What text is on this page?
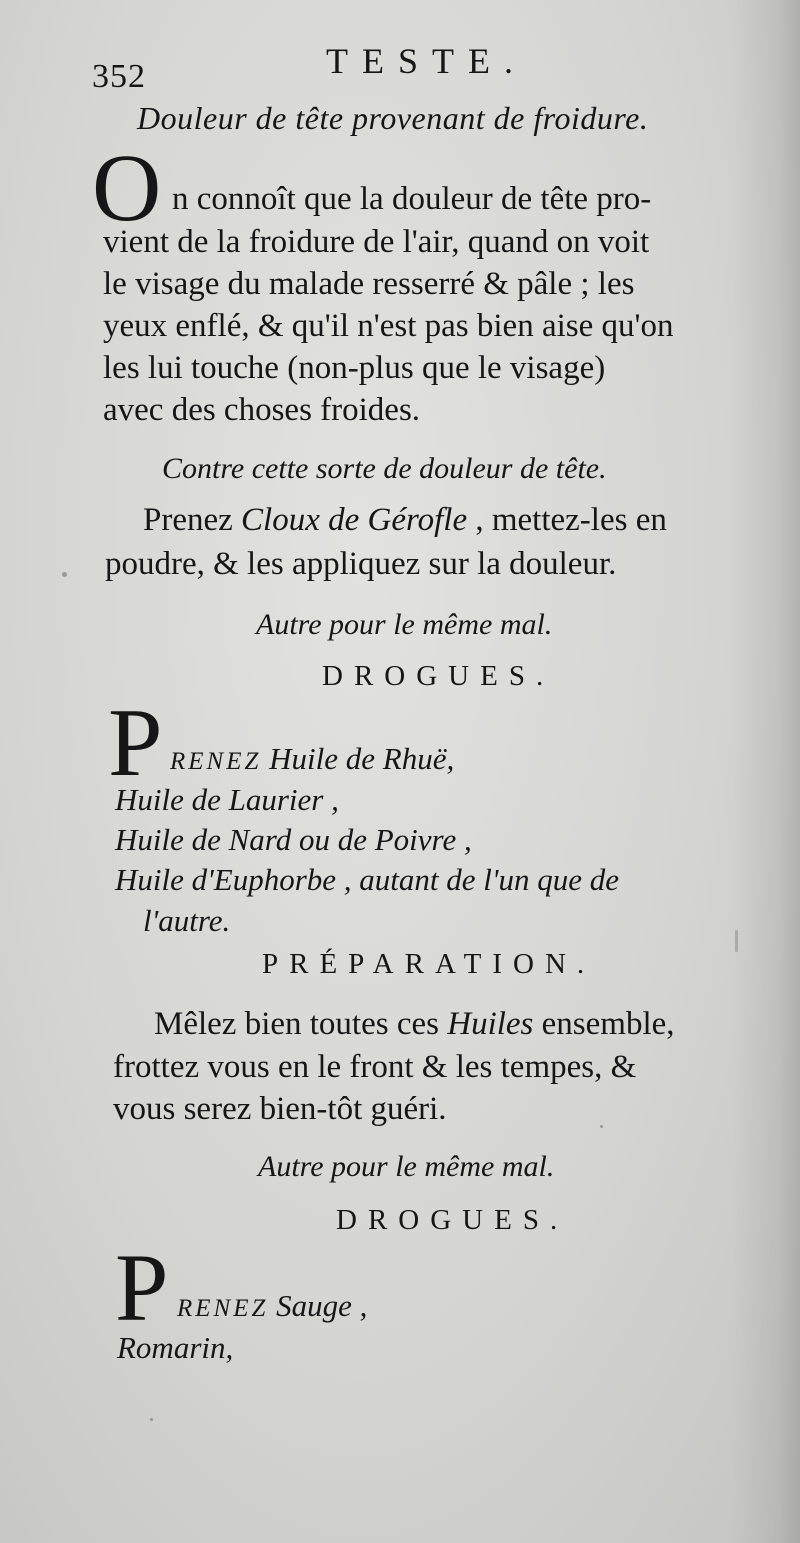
352	TESTE.
Douleur de tête provenant de froidure.
O n connoît que la douleur de tête pro-
vient de la froidure de l'air, quand on voit
le visage du malade resserré & pâle ; les
yeux enflé, & qu'il n'est pas bien aise qu'on
les lui touche (non-plus que le visage)
avec des choses froides.
Contre cette sorte de douleur de tête.
Prenez Cloux de Gérofle , mettez-les en
poudre, & les appliquez sur la douleur.
Autre pour le même mal.
DROGUES.
P RENEZ Huile de Rhuë,
Huile de Laurier ,
Huile de Nard ou de Poivre ,
Huile d'Euphorbe , autant de l'un que de
l'autre.
PRÉPARATION.
Mêlez bien toutes ces Huiles ensemble,
frottez vous en le front & les tempes, &
vous serez bien-tôt guéri.
Autre pour le même mal.
DROGUES.
P RENEZ Sauge ,
Romarin,
